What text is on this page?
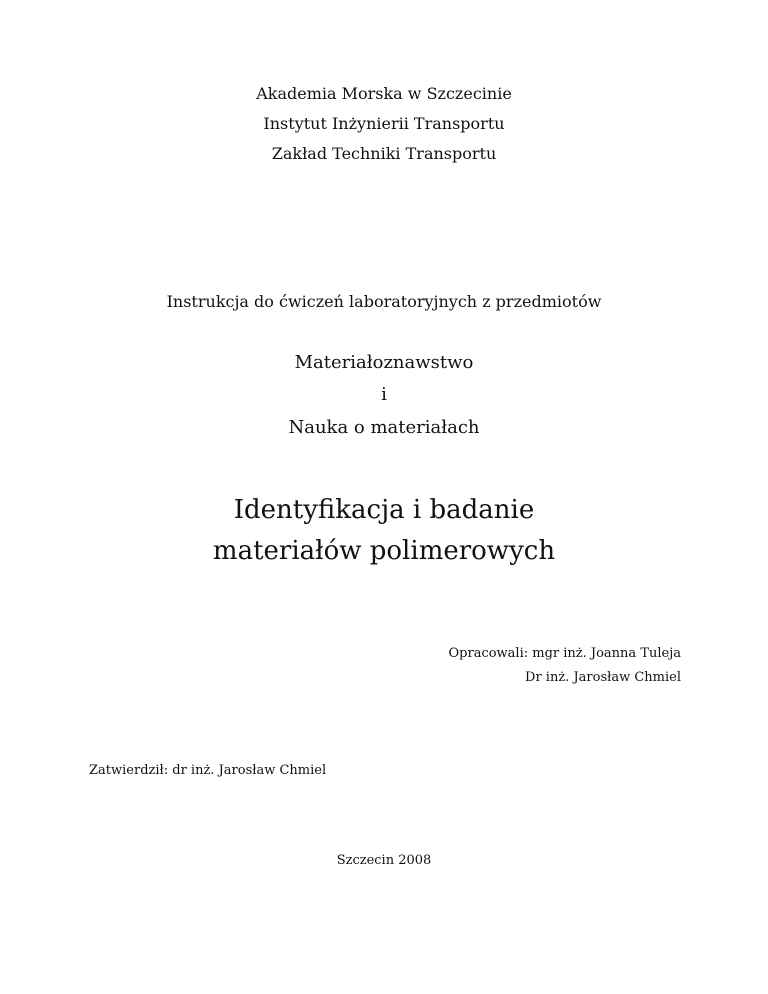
Akademia Morska w Szczecinie

Instytut Inżynierii Transportu

Zakład Techniki Transportu

Instrukcja do ćwiczeń laboratoryjnych z przedmiotów

Materiałoznawstwo

i

Nauka o materiałach

Identyfikacja i badanie

materiałów polimerowych

Opracowali: mgr inż. Joanna Tuleja

Dr inż. Jarosław Chmiel

Zatwierdził: dr inż. Jarosław Chmiel

Szczecin 2008
